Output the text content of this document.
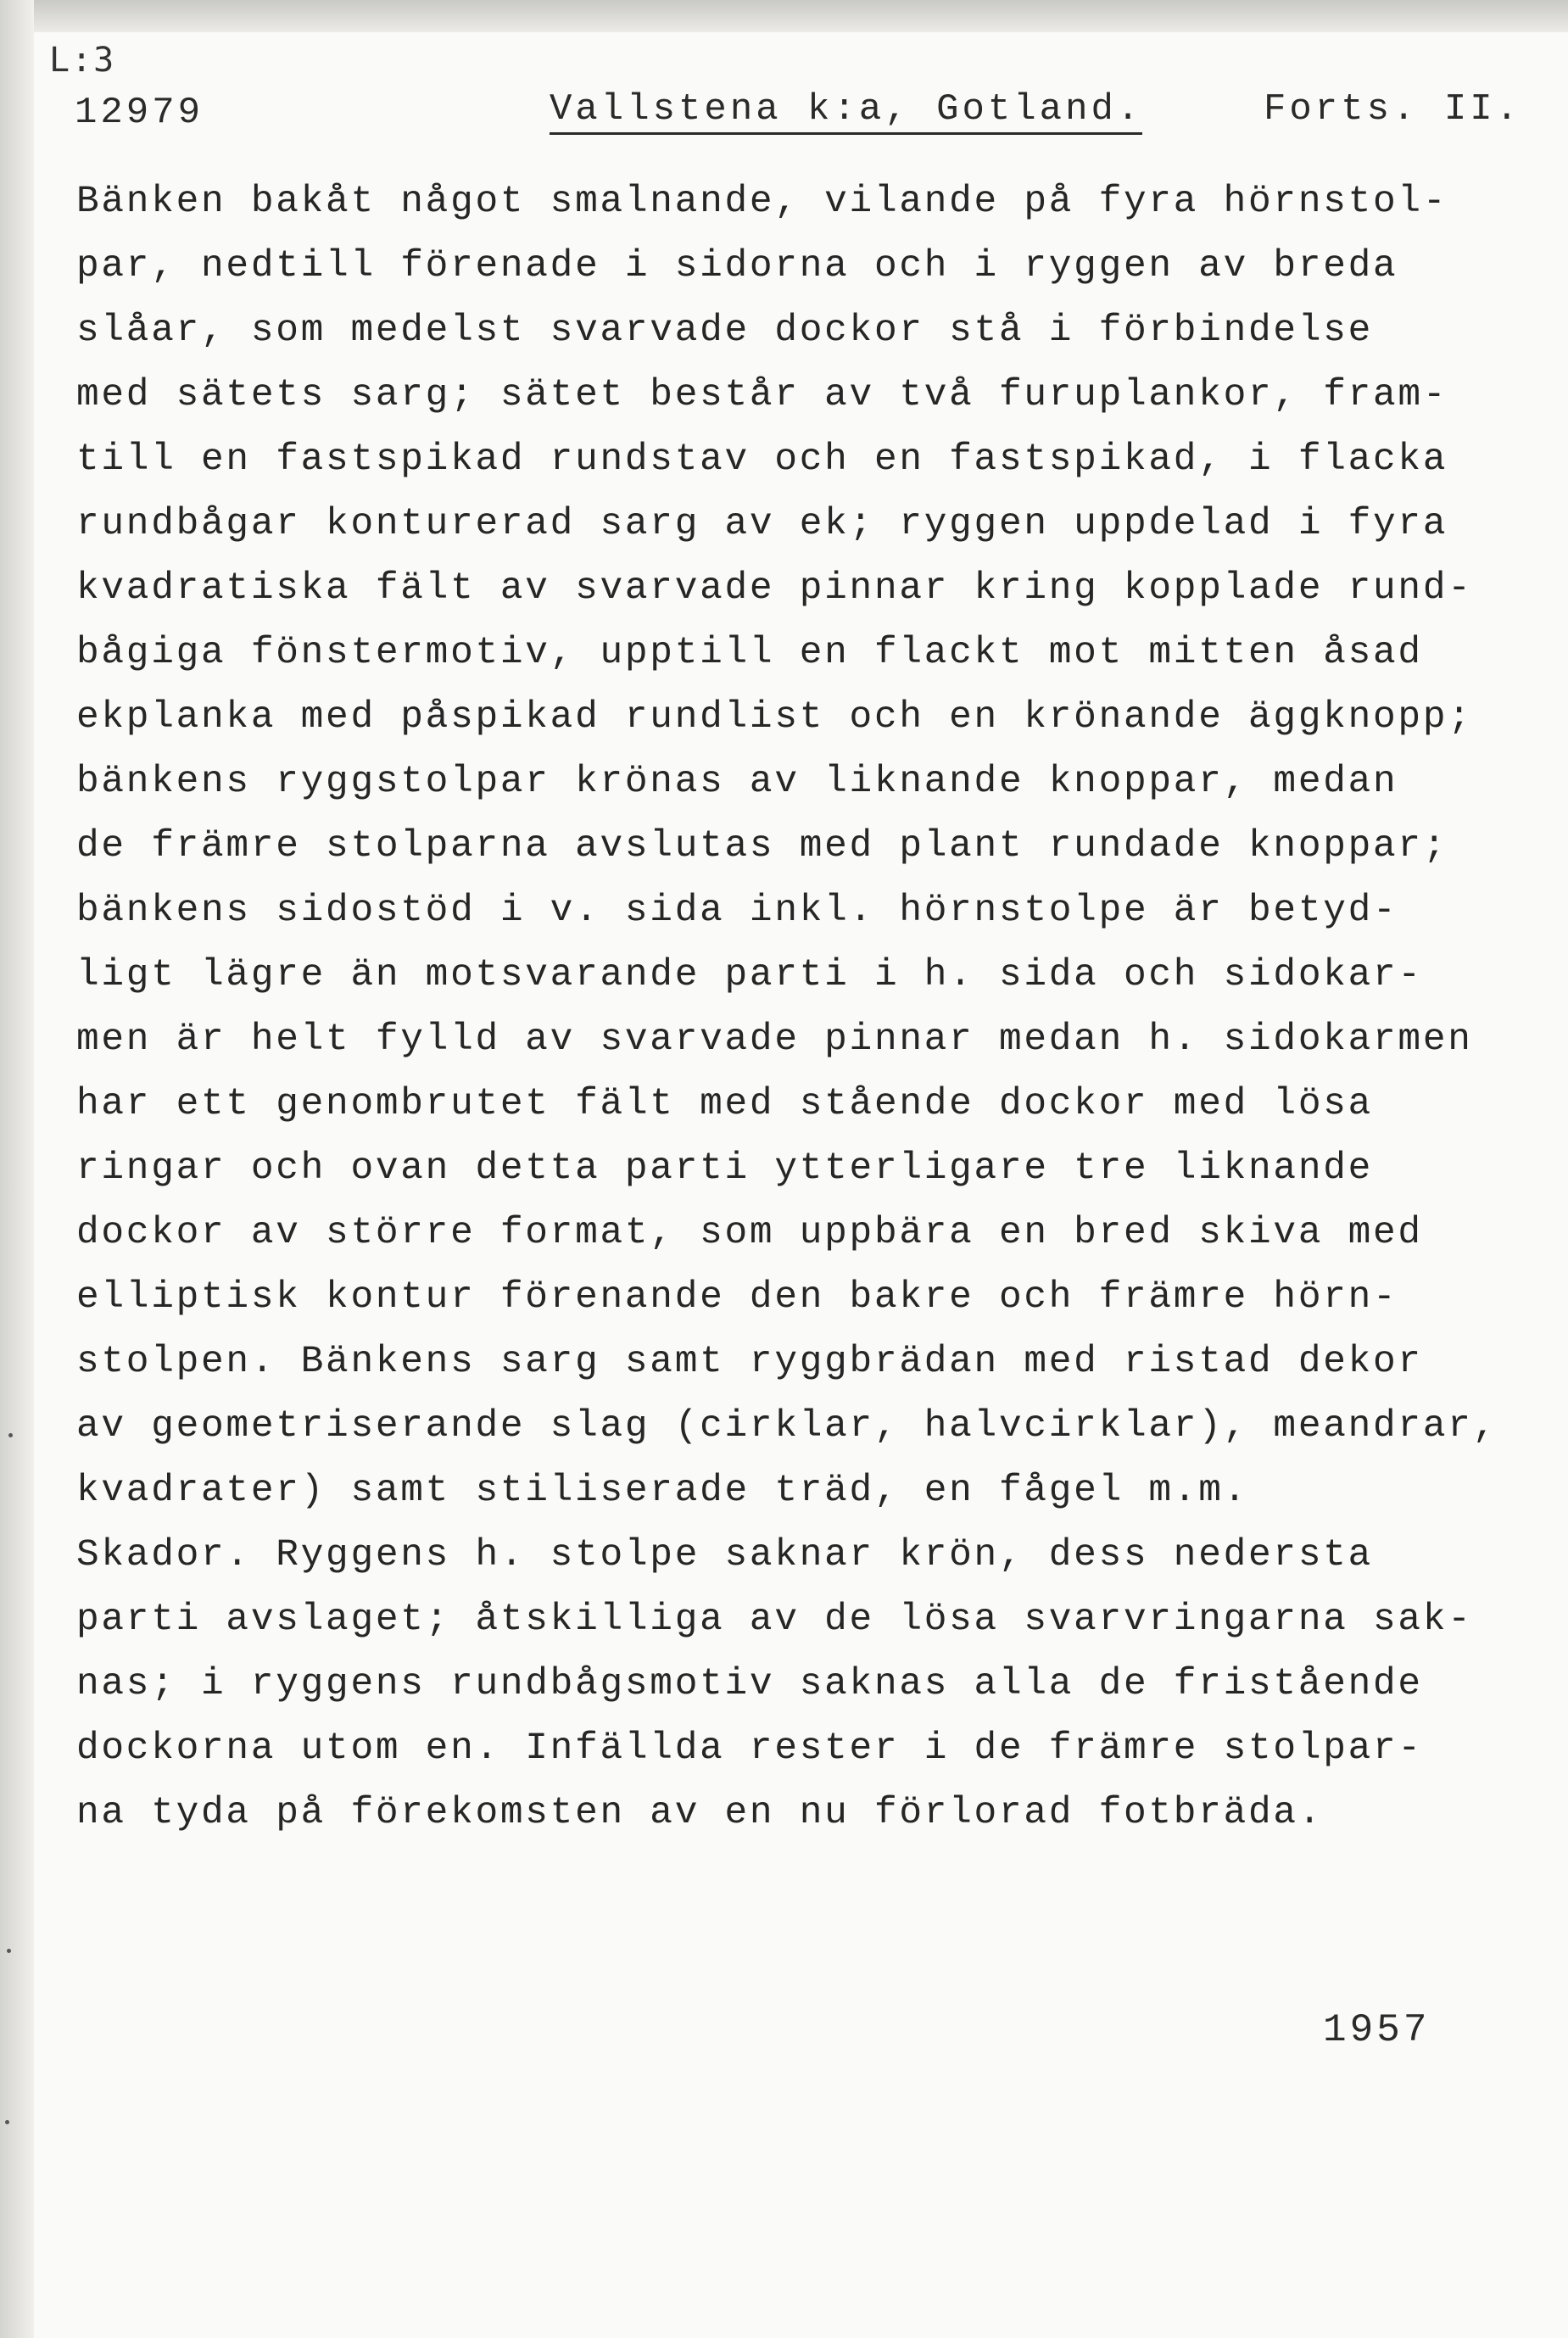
L:3
12979	Vallstena k:a, Gotland.	Forts. II.
Bänken bakåt något smalnande, vilande på fyra hörnstol-
par, nedtill förenade i sidorna och i ryggen av breda
slåar, som medelst svarvade dockor stå i förbindelse
med sätets sarg; sätet består av två furuplankor, fram-
till en fastspikad rundstav och en fastspikad, i flacka
rundbågar konturerad sarg av ek; ryggen uppdelad i fyra
kvadratiska fält av svarvade pinnar kring kopplade rund-
bågiga fönstermotiv, upptill en flackt mot mitten åsad
ekplanka med påspikad rundlist och en krönande äggknopp;
bänkens ryggstolpar krönas av liknande knoppar, medan
de främre stolparna avslutas med plant rundade knoppar;
bänkens sidostöd i v. sida inkl. hörnstolpe är betyd-
ligt lägre än motsvarande parti i h. sida och sidokar-
men är helt fylld av svarvade pinnar medan h. sidokarmen
har ett genombrutet fält med stående dockor med lösa
ringar och ovan detta parti ytterligare tre liknande
dockor av större format, som uppbära en bred skiva med
elliptisk kontur förenande den bakre och främre hörn-
stolpen. Bänkens sarg samt ryggbrädan med ristad dekor
av geometriserande slag (cirklar, halvcirklar), meandrar,
kvadrater) samt stiliserade träd, en fågel m.m.
Skador. Ryggens h. stolpe saknar krön, dess nedersta
parti avslaget; åtskilliga av de lösa svarvringarna sak-
nas; i ryggens rundbågsmotiv saknas alla de fristående
dockorna utom en. Infällda rester i de främre stolpar-
na tyda på förekomsten av en nu förlorad fotbräda.
1957
